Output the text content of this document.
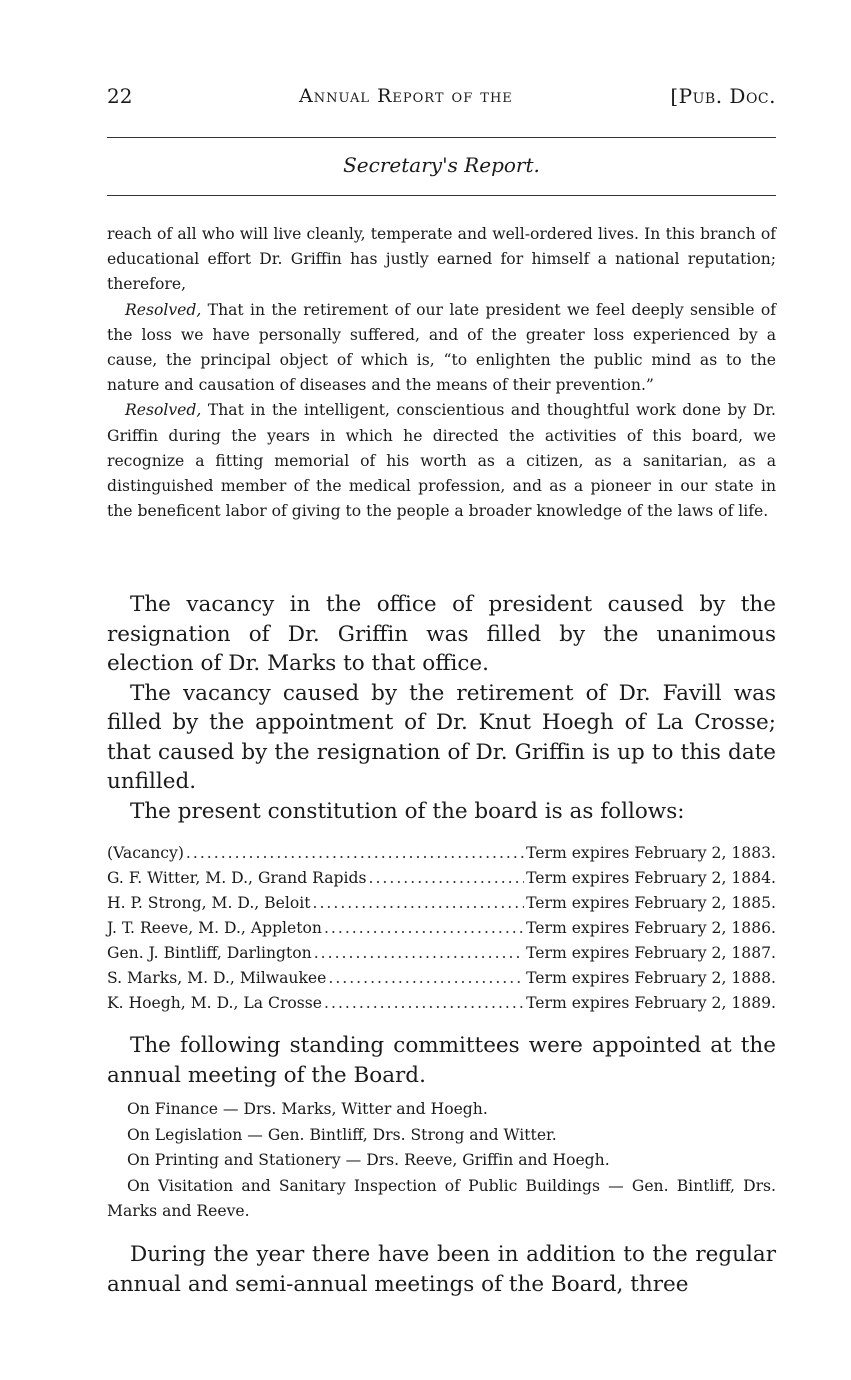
22	Annual Report of the	[Pub. Doc.
Secretary's Report.

reach of all who will live cleanly, temperate and well-ordered lives. In this branch of educational effort Dr. Griffin has justly earned for himself a national reputation; therefore,

Resolved, That in the retirement of our late president we feel deeply sensible of the loss we have personally suffered, and of the greater loss experienced by a cause, the principal object of which is, “to enlighten the public mind as to the nature and causation of diseases and the means of their prevention.”

Resolved, That in the intelligent, conscientious and thoughtful work done by Dr. Griffin during the years in which he directed the activities of this board, we recognize a fitting memorial of his worth as a citizen, as a sanitarian, as a distinguished member of the medical profession, and as a pioneer in our state in the beneficent labor of giving to the people a broader knowledge of the laws of life.

The vacancy in the office of president caused by the resignation of Dr. Griffin was filled by the unanimous election of Dr. Marks to that office.

The vacancy caused by the retirement of Dr. Favill was filled by the appointment of Dr. Knut Hoegh of La Crosse; that caused by the resignation of Dr. Griffin is up to this date unfilled.

The present constitution of the board is as follows:

(Vacancy) .....	Term expires February 2, 1883.
G. F. Witter, M. D., Grand Rapids .....	Term expires February 2, 1884.
H. P. Strong, M. D., Beloit .....	Term expires February 2, 1885.
J. T. Reeve, M. D., Appleton .....	Term expires February 2, 1886.
Gen. J. Bintliff, Darlington .....	Term expires February 2, 1887.
S. Marks, M. D., Milwaukee .....	Term expires February 2, 1888.
K. Hoegh, M. D., La Crosse .....	Term expires February 2, 1889.

The following standing committees were appointed at the annual meeting of the Board.

On Finance — Drs. Marks, Witter and Hoegh.

On Legislation — Gen. Bintliff, Drs. Strong and Witter.

On Printing and Stationery — Drs. Reeve, Griffin and Hoegh.

On Visitation and Sanitary Inspection of Public Buildings — Gen. Bintliff, Drs. Marks and Reeve.

During the year there have been in addition to the regular annual and semi-annual meetings of the Board, three
